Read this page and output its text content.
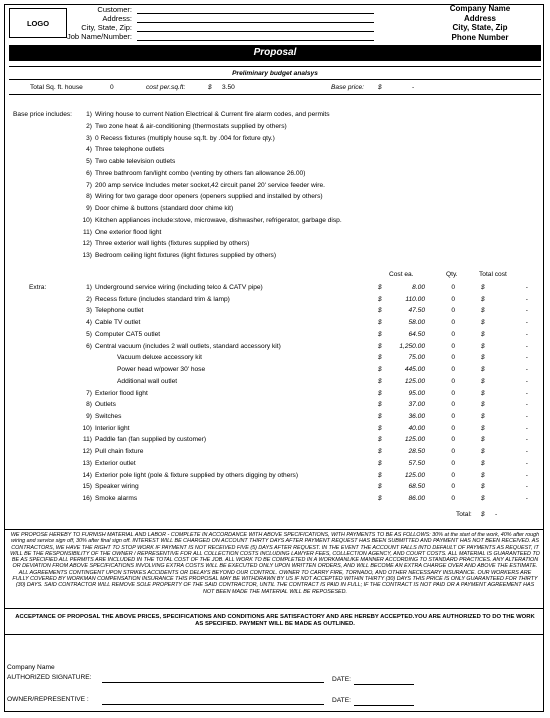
LOGO
Customer:
Address:
City, State, Zip:
Job Name/Number:
Company Name
Address
City, State, Zip
Phone Number
Proposal
Preliminary budget analsys
Total Sq. ft. house	0	cost per.sq.ft:	$ 3.50	Base price: $	-
Base price includes:	1) Wiring house to current Nation Electrical & Current fire alarm codes, and permits
2) Two zone heat & air-conditioning (thermostats supplied by others)
3) 0 Recess fixtures (multiply house sq.ft. by .004 for fixture qty.)
4) Three telephone outlets
5) Two cable television outlets
6) Three bathroom fan/light combo (venting by others fan allowance 26.00)
7) 200 amp service Includes meter socket,42 circuit panel 20' service feeder wire.
8) Wiring for two garage door openers (openers supplied and installed by others)
9) Door chime & buttons (standard door chime kit)
10) Kitchen appliances include:stove, microwave, dishwasher, refrigerator, garbage disp.
11) One exterior flood light
12) Three exterior wall lights (fixtures supplied by others)
13) Bedroom ceiling light fixtures (light fixtures supplied by others)
Cost ea.	Qty.	Total cost
Extra:	1) Underground service wiring (including telco & CATV pipe)	$	8.00	0	$	-
2) Recess fixture (includes standard trim & lamp)	$	110.00	0	$	-
3) Telephone outlet	$	47.50	0	$	-
4) Cable TV outlet	$	58.00	0	$	-
5) Computer CAT5 outlet	$	64.50	0	$	-
6) Central vacuum (includes 2 wall outlets, standard accessory kit)	$	1,250.00	0	$	-
Vacuum deluxe accessory kit	$	75.00	0	$	-
Power head w/power 30' hose	$	445.00	0	$	-
Additional wall outlet	$	125.00	0	$	-
7) Exterior flood light	$	95.00	0	$	-
8) Outlets	$	37.00	0	$	-
9) Switches	$	36.00	0	$	-
10) Interior light	$	40.00	0	$	-
11) Paddle fan (fan supplied by customer)	$	125.00	0	$	-
12) Pull chain fixture	$	28.50	0	$	-
13) Exterior outlet	$	57.50	0	$	-
14) Exterior pole light (pole & fixture supplied by others digging by others)	$	125.00	0	$	-
15) Speaker wiring	$	68.50	0	$	-
16) Smoke alarms	$	86.00	0	$	-
Total: $ -
WE PROPOSE HEREBY TO FURNISH MATERIAL AND LABOR - COMPLETE IN ACCORDANCE WITH ABOVE SPECIFICATIONS, WITH PAYMENTS TO BE AS FOLLOWS: 30% at the start of the work, 40% after rough wiring and service sign off, 30% after final sign off. INTEREST WILL BE CHARGED ON ACCOUNT THIRTY DAYS AFTER PAYMENT REQUEST HAS BEEN SUBMITTED AND PAYMENT HAS NOT BEEN RECEIVED. AS CONTRACTORS, WE HAVE THE RIGHT TO STOP WORK IF PAYMENT IS NOT RECEIVED FIVE (5) DAYS AFTER REQUEST. IN THE EVENT THE ACCOUNT FALLS INTO DEFAULT OF PAYMENTS AS REQUEST, IT WILL BE THE RESPONSIBILITY OF THE OWNER / REPRESENTIVE FOR ALL COLLECTION COSTS INCLUDING LAWYER FEES, COLLECTION AGENCY, AND COURT COSTS. ALL MATERIAL IS GUARANTEED TO BE AS SPECIFIED ALL PERMITS ARE INCLUDED IN THE TOTAL COST OF THE JOB. ALL WORK TO BE COMPLETED IN A WORKMANLIKE MANNER ACCORDING TO STANDARD PRACTICES. ANY ALTERATION OR DEVIATION FROM ABOVE SPECIFICATIONS INVOLVING EXTRA COSTS WILL BE EXECUTED ONLY UPON WRITTEN ORDERS, AND WILL BECOME AN EXTRA CHARGE OVER AND ABOVE THE ESTIMATE. ALL AGREEMENTS CONTINGENT UPON STRIKES ACCIDENTS OR DELAYS BEYOND OUR CONTROL. OWNER TO CARRY FIRE, TORNADO, AND OTHER NECESSARY INSURANCE. OUR WORKERS ARE FULLY COVERED BY WORKMAN COMPENSATION INSURANCE THIS PROPOSAL MAY BE WITHDRAWN BY US IF NOT ACCEPTED WITHIN THIRTY (30) DAYS THIS PRICE IS ONLY GUARANTEED FOR THIRTY (30) DAYS. SAID CONTRACTOR WILL REMOVE SOLE PROPERTY OF THE SAID CONTRACTOR, UNTIL THE CONTRACT IS PAID IN FULL; IF THE CONTRACT IS NOT PAID OR A PAYMENT AGREEMENT HAS NOT BEEN MADE THE MATERIAL WILL BE REPOSESED.
ACCEPTANCE OF PROPOSAL THE ABOVE PRICES, SPECIFICATIONS AND CONDITIONS ARE SATISFACTORY AND ARE HEREBY ACCEPTED.YOU ARE AUTHORIZED TO DO THE WORK AS SPECIFIED. PAYMENT WILL BE MADE AS OUTLINED.
Company Name
AUTHORIZED SIGNATURE:	DATE:
OWNER/REPRESENTIVE :	DATE:
